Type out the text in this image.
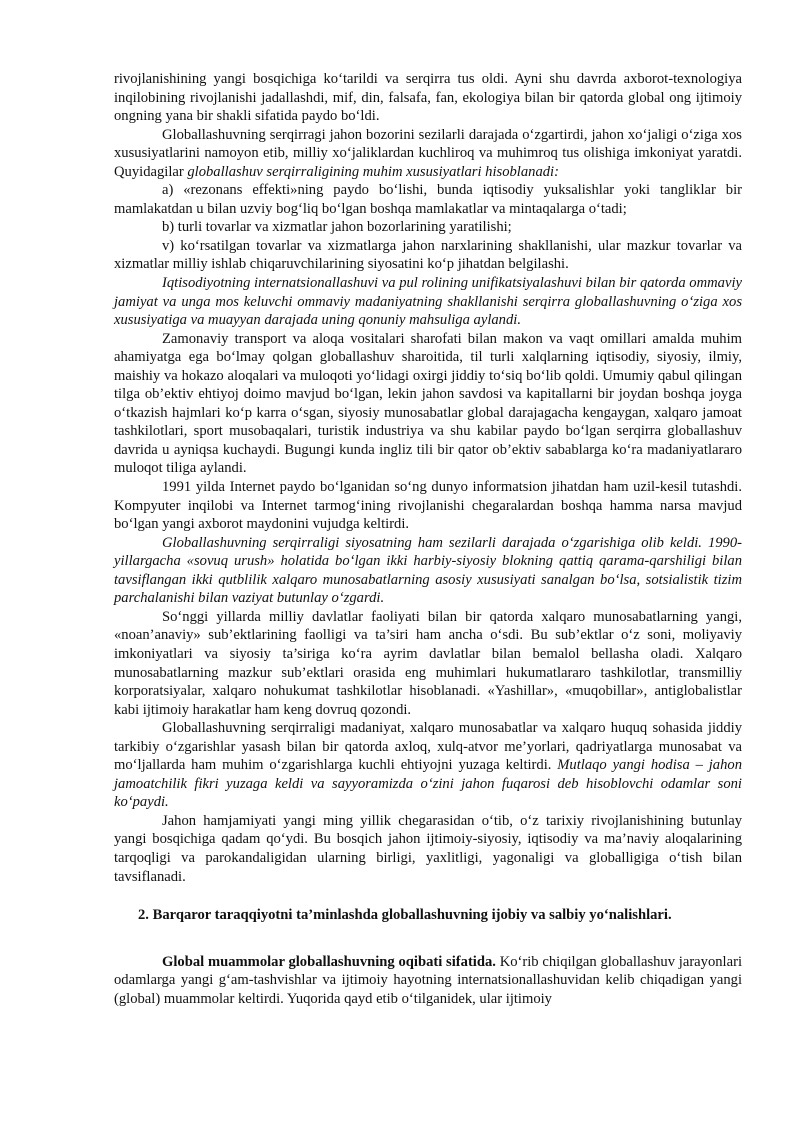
rivojlanishining yangi bosqichiga ko‘tarildi va serqirra tus oldi. Ayni shu davrda axborot-texnologiya inqilobining rivojlanishi jadallashdi, mif, din, falsafa, fan, ekologiya bilan bir qatorda global ong ijtimoiy ongning yana bir shakli sifatida paydo bo‘ldi.

Globallashuvning serqirragi jahon bozorini sezilarli darajada o‘zgartirdi, jahon xo‘jaligi o‘ziga xos xususiyatlarini namoyon etib, milliy xo‘jaliklardan kuchliroq va muhimroq tus olishiga imkoniyat yaratdi. Quyidagilar globallashuv serqirraligining muhim xususiyatlari hisoblanadi:

a) «rezonans effekti»ning paydo bo‘lishi, bunda iqtisodiy yuksalishlar yoki tangliklar bir mamlakatdan u bilan uzviy bog‘liq bo‘lgan boshqa mamlakatlar va mintaqalarga o‘tadi;

b) turli tovarlar va xizmatlar jahon bozorlarining yaratilishi;

v) ko‘rsatilgan tovarlar va xizmatlarga jahon narxlarining shakllanishi, ular mazkur tovarlar va xizmatlar milliy ishlab chiqaruvchilarining siyosatini ko‘p jihatdan belgilashi.

Iqtisodiyotning internatsionallashuvi va pul rolining unifikatsiyalashuvi bilan bir qatorda ommaviy jamiyat va unga mos keluvchi ommaviy madaniyatning shakllanishi serqirra globallashuvning o‘ziga xos xususiyatiga va muayyan darajada uning qonuniy mahsuliga aylandi.

Zamonaviy transport va aloqa vositalari sharofati bilan makon va vaqt omillari amalda muhim ahamiyatga ega bo‘lmay qolgan globallashuv sharoitida, til turli xalqlarning iqtisodiy, siyosiy, ilmiy, maishiy va hokazo aloqalari va muloqoti yo‘lidagi oxirgi jiddiy to‘siq bo‘lib qoldi. Umumiy qabul qilingan tilga ob’ektiv ehtiyoj doimo mavjud bo‘lgan, lekin jahon savdosi va kapitallarni bir joydan boshqa joyga o‘tkazish hajmlari ko‘p karra o‘sgan, siyosiy munosabatlar global darajagacha kengaygan, xalqaro jamoat tashkilotlari, sport musobaqalari, turistik industriya va shu kabilar paydo bo‘lgan serqirra globallashuv davrida u ayniqsa kuchaydi. Bugungi kunda ingliz tili bir qator ob’ektiv sabablarga ko‘ra madaniyatlararo muloqot tiliga aylandi.

1991 yilda Internet paydo bo‘lganidan so‘ng dunyo informatsion jihatdan ham uzil-kesil tutashdi. Kompyuter inqilobi va Internet tarmog‘ining rivojlanishi chegaralardan boshqa hamma narsa mavjud bo‘lgan yangi axborot maydonini vujudga keltirdi.

Globallashuvning serqirraligi siyosatning ham sezilarli darajada o‘zgarishiga olib keldi. 1990-yillargacha «sovuq urush» holatida bo‘lgan ikki harbiy-siyosiy blokning qattiq qarama-qarshiligi bilan tavsiflangan ikki qutblilik xalqaro munosabatlarning asosiy xususiyati sanalgan bo‘lsa, sotsialistik tizim parchalanishi bilan vaziyat butunlay o‘zgardi.

So‘nggi yillarda milliy davlatlar faoliyati bilan bir qatorda xalqaro munosabatlarning yangi, «noan’anaviy» sub’ektlarining faolligi va ta’siri ham ancha o‘sdi. Bu sub’ektlar o‘z soni, moliyaviy imkoniyatlari va siyosiy ta’siriga ko‘ra ayrim davlatlar bilan bemalol bellasha oladi. Xalqaro munosabatlarning mazkur sub’ektlari orasida eng muhimlari hukumatlararo tashkilotlar, transmilliy korporatsiyalar, xalqaro nohukumat tashkilotlar hisoblanadi. «Yashillar», «muqobillar», antiglobalistlar kabi ijtimoiy harakatlar ham keng dovruq qozondi.

Globallashuvning serqirraligi madaniyat, xalqaro munosabatlar va xalqaro huquq sohasida jiddiy tarkibiy o‘zgarishlar yasash bilan bir qatorda axloq, xulq-atvor me’yorlari, qadriyatlarga munosabat va mo‘ljallarda ham muhim o‘zgarishlarga kuchli ehtiyojni yuzaga keltirdi. Mutlaqo yangi hodisa – jahon jamoatchilik fikri yuzaga keldi va sayyoramizda o‘zini jahon fuqarosi deb hisoblovchi odamlar soni ko‘paydi.

Jahon hamjamiyati yangi ming yillik chegarasidan o‘tib, o‘z tarixiy rivojlanishining butunlay yangi bosqichiga qadam qo‘ydi. Bu bosqich jahon ijtimoiy-siyosiy, iqtisodiy va ma’naviy aloqalarining tarqoqligi va parokandaligidan ularning birligi, yaxlitligi, yagonaligi va globalligiga o‘tish bilan tavsiflanadi.

2. Barqaror taraqqiyotni ta’minlashda globallashuvning ijobiy va salbiy yo‘nalishlari.

Global muammolar globallashuvning oqibati sifatida. Ko‘rib chiqilgan globallashuv jarayonlari odamlarga yangi g‘am-tashvishlar va ijtimoiy hayotning internatsionallashuvidan kelib chiqadigan yangi (global) muammolar keltirdi. Yuqorida qayd etib o‘tilganidek, ular ijtimoiy
